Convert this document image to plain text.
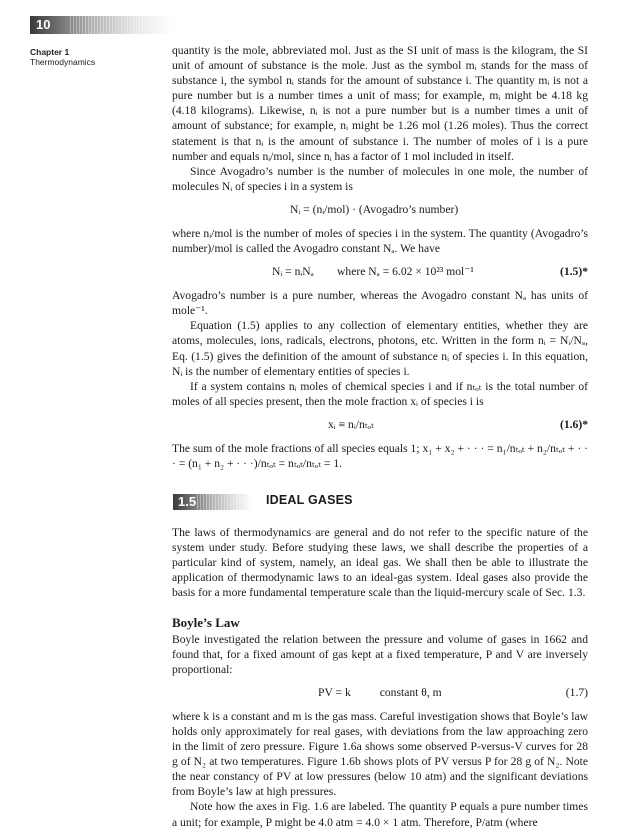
10
Chapter 1
Thermodynamics

quantity is the mole, abbreviated mol. Just as the SI unit of mass is the kilogram, the SI unit of amount of substance is the mole. Just as the symbol mᵢ stands for the mass of substance i, the symbol nᵢ stands for the amount of substance i. The quantity mᵢ is not a pure number but is a number times a unit of mass; for example, mᵢ might be 4.18 kg (4.18 kilograms). Likewise, nᵢ is not a pure number but is a number times a unit of amount of substance; for example, nᵢ might be 1.26 mol (1.26 moles). Thus the correct statement is that nᵢ is the amount of substance i. The number of moles of i is a pure number and equals nᵢ/mol, since nᵢ has a factor of 1 mol included in itself.

Since Avogadro’s number is the number of molecules in one mole, the number of molecules Nᵢ of species i in a system is

Nᵢ = (nᵢ/mol) · (Avogadro’s number)

where nᵢ/mol is the number of moles of species i in the system. The quantity (Avogadro’s number)/mol is called the Avogadro constant Nₐ. We have

Nᵢ = nᵢNₐ        where Nₐ = 6.02 × 10²³ mol⁻¹	(1.5)*

Avogadro’s number is a pure number, whereas the Avogadro constant Nₐ has units of mole⁻¹.

Equation (1.5) applies to any collection of elementary entities, whether they are atoms, molecules, ions, radicals, electrons, photons, etc. Written in the form nᵢ = Nᵢ/Nₐ, Eq. (1.5) gives the definition of the amount of substance nᵢ of species i. In this equation, Nᵢ is the number of elementary entities of species i.

If a system contains nᵢ moles of chemical species i and if nₜₒₜ is the total number of moles of all species present, then the mole fraction xᵢ of species i is

xᵢ ≡ nᵢ/nₜₒₜ	(1.6)*

The sum of the mole fractions of all species equals 1; x₁ + x₂ + · · · = n₁/nₜₒₜ + n₂/nₜₒₜ + · · · = (n₁ + n₂ + · · ·)/nₜₒₜ = nₜₒₜ/nₜₒₜ = 1.

1.5	IDEAL GASES

The laws of thermodynamics are general and do not refer to the specific nature of the system under study. Before studying these laws, we shall describe the properties of a particular kind of system, namely, an ideal gas. We shall then be able to illustrate the application of thermodynamic laws to an ideal-gas system. Ideal gases also provide the basis for a more fundamental temperature scale than the liquid-mercury scale of Sec. 1.3.

Boyle’s Law

Boyle investigated the relation between the pressure and volume of gases in 1662 and found that, for a fixed amount of gas kept at a fixed temperature, P and V are inversely proportional:

PV = k          constant θ, m	(1.7)

where k is a constant and m is the gas mass. Careful investigation shows that Boyle’s law holds only approximately for real gases, with deviations from the law approaching zero in the limit of zero pressure. Figure 1.6a shows some observed P-versus-V curves for 28 g of N₂ at two temperatures. Figure 1.6b shows plots of PV versus P for 28 g of N₂. Note the near constancy of PV at low pressures (below 10 atm) and the significant deviations from Boyle’s law at high pressures.

Note how the axes in Fig. 1.6 are labeled. The quantity P equals a pure number times a unit; for example, P might be 4.0 atm = 4.0 × 1 atm. Therefore, P/atm (where
